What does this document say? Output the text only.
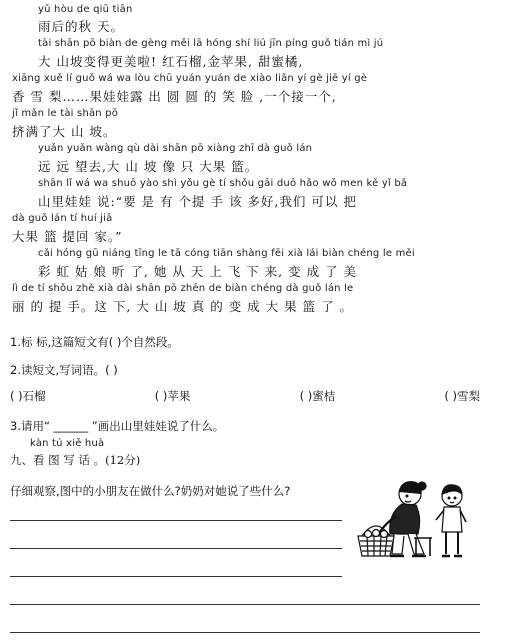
yǔ hòu de qiū tiān
雨后的秋 天。
tài shān pō biàn de gèng měi lā hóng shí liú jīn píng guǒ tián mì jú
大 山坡变得更美啦! 红石榴,金苹果, 甜蜜橘,
xiāng xuě lí guǒ wá wa lòu chū yuán yuán de xiào liǎn yí gè jiē yí gè
香 雪 梨……果娃娃露 出 圆 圆 的 笑 脸 ,一个接一个,
jǐ mǎn le tài shān pō
挤满了大 山 坡。
yuǎn yuǎn wàng qù dài shān pō xiàng zhī dà guǒ lán
远 远 望去,大 山 坡 像 只 大果 篮。
shān lǐ wá wa shuō yào shì yǒu gè tí shǒu gāi duō hǎo wǒ men kě yǐ bǎ
山里娃娃 说:“要 是 有 个提 手 该 多好,我们 可以 把
dà guǒ lán tí huí jiā
大果 篮 提回 家。”
cǎi hóng gū niáng tīng le tā cóng tiān shàng fēi xià lái biàn chéng le měi
彩 虹 姑 娘 听 了, 她 从 天 上 飞 下 来, 变 成 了 美
lì de tí shǒu zhè xià dài shān pō zhēn de biàn chéng dà guǒ lán le
丽 的 提 手。这 下, 大 山 坡 真 的 变 成 大 果 篮 了 。
1.标 标,这篇短文有( )个自然段。
2.读短文,写词语。( )
( )石榴	( )苹果	( )蜜桔	( )雪梨
3.请用“ ______ ”画出山里娃娃说了什么。
kàn tú xiě huà
九、看 图 写 话 。(12分)
仔细观察,图中的小朋友在做什么?奶奶对她说了些什么?
